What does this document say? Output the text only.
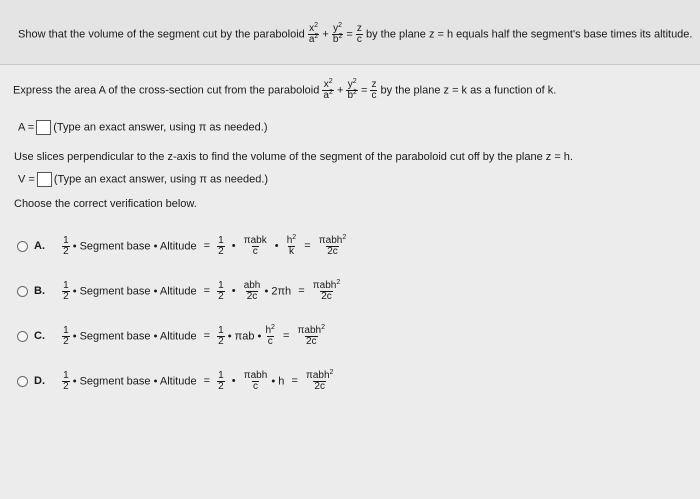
Show that the volume of the segment cut by the paraboloid $\frac{x^2}{a^2} + \frac{y^2}{b^2} = \frac{z}{c}$ by the plane z = h equals half the segment's base times its altitude.
Express the area A of the cross-section cut from the paraboloid $\frac{x^2}{a^2} + \frac{y^2}{b^2} = \frac{z}{c}$ by the plane z = k as a function of k.
A = (Type an exact answer, using π as needed.)
Use slices perpendicular to the z-axis to find the volume of the segment of the paraboloid cut off by the plane z = h.
V = (Type an exact answer, using π as needed.)
Choose the correct verification below.
A. $\frac{1}{2}$ • Segment base • Altitude = $\frac{1}{2}$ • $\frac{\text{πabk}}{c}$ • $\frac{h^2}{k} = \frac{\pi abh^2}{2c}$
B. $\frac{1}{2}$ • Segment base • Altitude = $\frac{1}{2}$ • $\frac{\text{abh}}{2c}$ • $2\pi h = \frac{\pi abh^2}{2c}$
C. $\frac{1}{2}$ • Segment base • Altitude = $\frac{1}{2}$ • πab • $\frac{h^2}{c} = \frac{\pi abh^2}{2c}$
D. $\frac{1}{2}$ • Segment base • Altitude = $\frac{1}{2}$ • $\frac{\text{πabh}}{c}$ • $h = \frac{\pi abh^2}{2c}$
